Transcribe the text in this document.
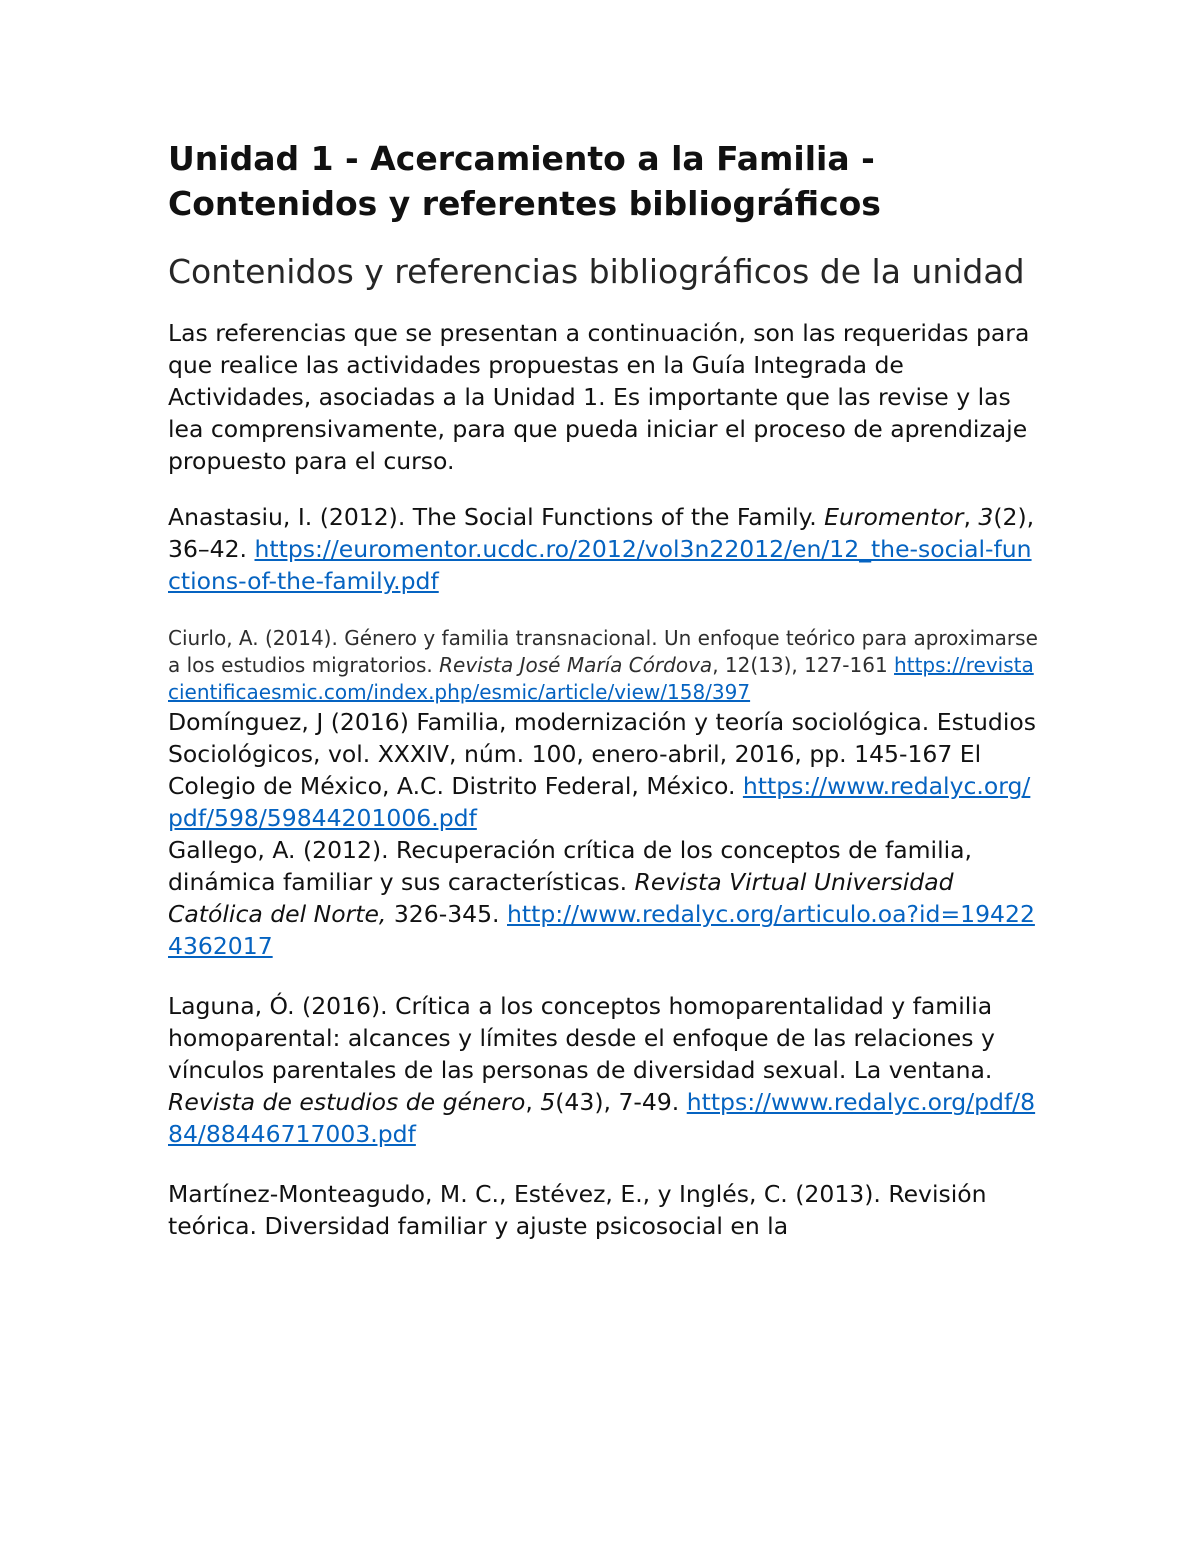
Unidad 1 - Acercamiento a la Familia - Contenidos y referentes bibliográficos
Contenidos y referencias bibliográficos de la unidad

Las referencias que se presentan a continuación, son las requeridas para que realice las actividades propuestas en la Guía Integrada de Actividades, asociadas a la Unidad 1. Es importante que las revise y las lea comprensivamente, para que pueda iniciar el proceso de aprendizaje propuesto para el curso.

Anastasiu, I. (2012). The Social Functions of the Family. Euromentor, 3(2), 36–42. https://euromentor.ucdc.ro/2012/vol3n22012/en/12_the-social-functions-of-the-family.pdf

Ciurlo, A. (2014). Género y familia transnacional. Un enfoque teórico para aproximarse a los estudios migratorios. Revista José María Córdova, 12(13), 127-161 https://revistacientificaesmic.com/index.php/esmic/article/view/158/397

Domínguez, J (2016) Familia, modernización y teoría sociológica. Estudios Sociológicos, vol. XXXIV, núm. 100, enero-abril, 2016, pp. 145-167 El Colegio de México, A.C. Distrito Federal, México. https://www.redalyc.org/pdf/598/59844201006.pdf

Gallego, A. (2012). Recuperación crítica de los conceptos de familia, dinámica familiar y sus características. Revista Virtual Universidad Católica del Norte, 326-345. http://www.redalyc.org/articulo.oa?id=194224362017

Laguna, Ó. (2016). Crítica a los conceptos homoparentalidad y familia homoparental: alcances y límites desde el enfoque de las relaciones y vínculos parentales de las personas de diversidad sexual. La ventana. Revista de estudios de género, 5(43), 7-49. https://www.redalyc.org/pdf/884/88446717003.pdf

Martínez-Monteagudo, M. C., Estévez, E., y Inglés, C. (2013). Revisión teórica. Diversidad familiar y ajuste psicosocial en la
